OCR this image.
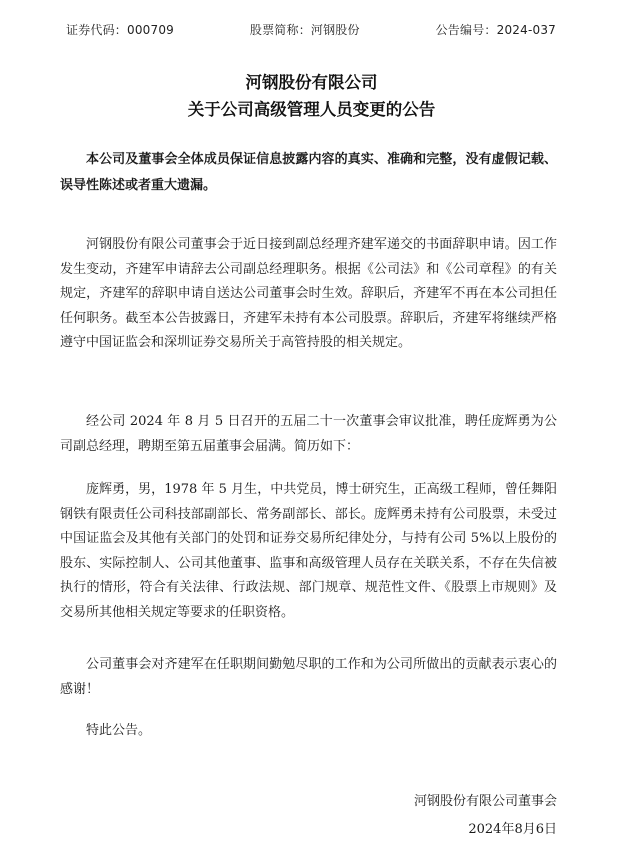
证券代码：000709	股票简称：河钢股份	公告编号：2024-037
河钢股份有限公司
关于公司高级管理人员变更的公告

本公司及董事会全体成员保证信息披露内容的真实、准确和完整，没有虚假记载、误导性陈述或者重大遗漏。

河钢股份有限公司董事会于近日接到副总经理齐建军递交的书面辞职申请。因工作发生变动，齐建军申请辞去公司副总经理职务。根据《公司法》和《公司章程》的有关规定，齐建军的辞职申请自送达公司董事会时生效。辞职后，齐建军不再在本公司担任任何职务。截至本公告披露日，齐建军未持有本公司股票。辞职后，齐建军将继续严格遵守中国证监会和深圳证券交易所关于高管持股的相关规定。

经公司 2024 年 8 月 5 日召开的五届二十一次董事会审议批准，聘任庞辉勇为公司副总经理，聘期至第五届董事会届满。简历如下：

庞辉勇，男，1978 年 5 月生，中共党员，博士研究生，正高级工程师，曾任舞阳钢铁有限责任公司科技部副部长、常务副部长、部长。庞辉勇未持有公司股票，未受过中国证监会及其他有关部门的处罚和证券交易所纪律处分，与持有公司 5%以上股份的股东、实际控制人、公司其他董事、监事和高级管理人员存在关联关系，不存在失信被执行的情形，符合有关法律、行政法规、部门规章、规范性文件、《股票上市规则》及交易所其他相关规定等要求的任职资格。

公司董事会对齐建军在任职期间勤勉尽职的工作和为公司所做出的贡献表示衷心的感谢！

特此公告。

河钢股份有限公司董事会
2024年8月6日
